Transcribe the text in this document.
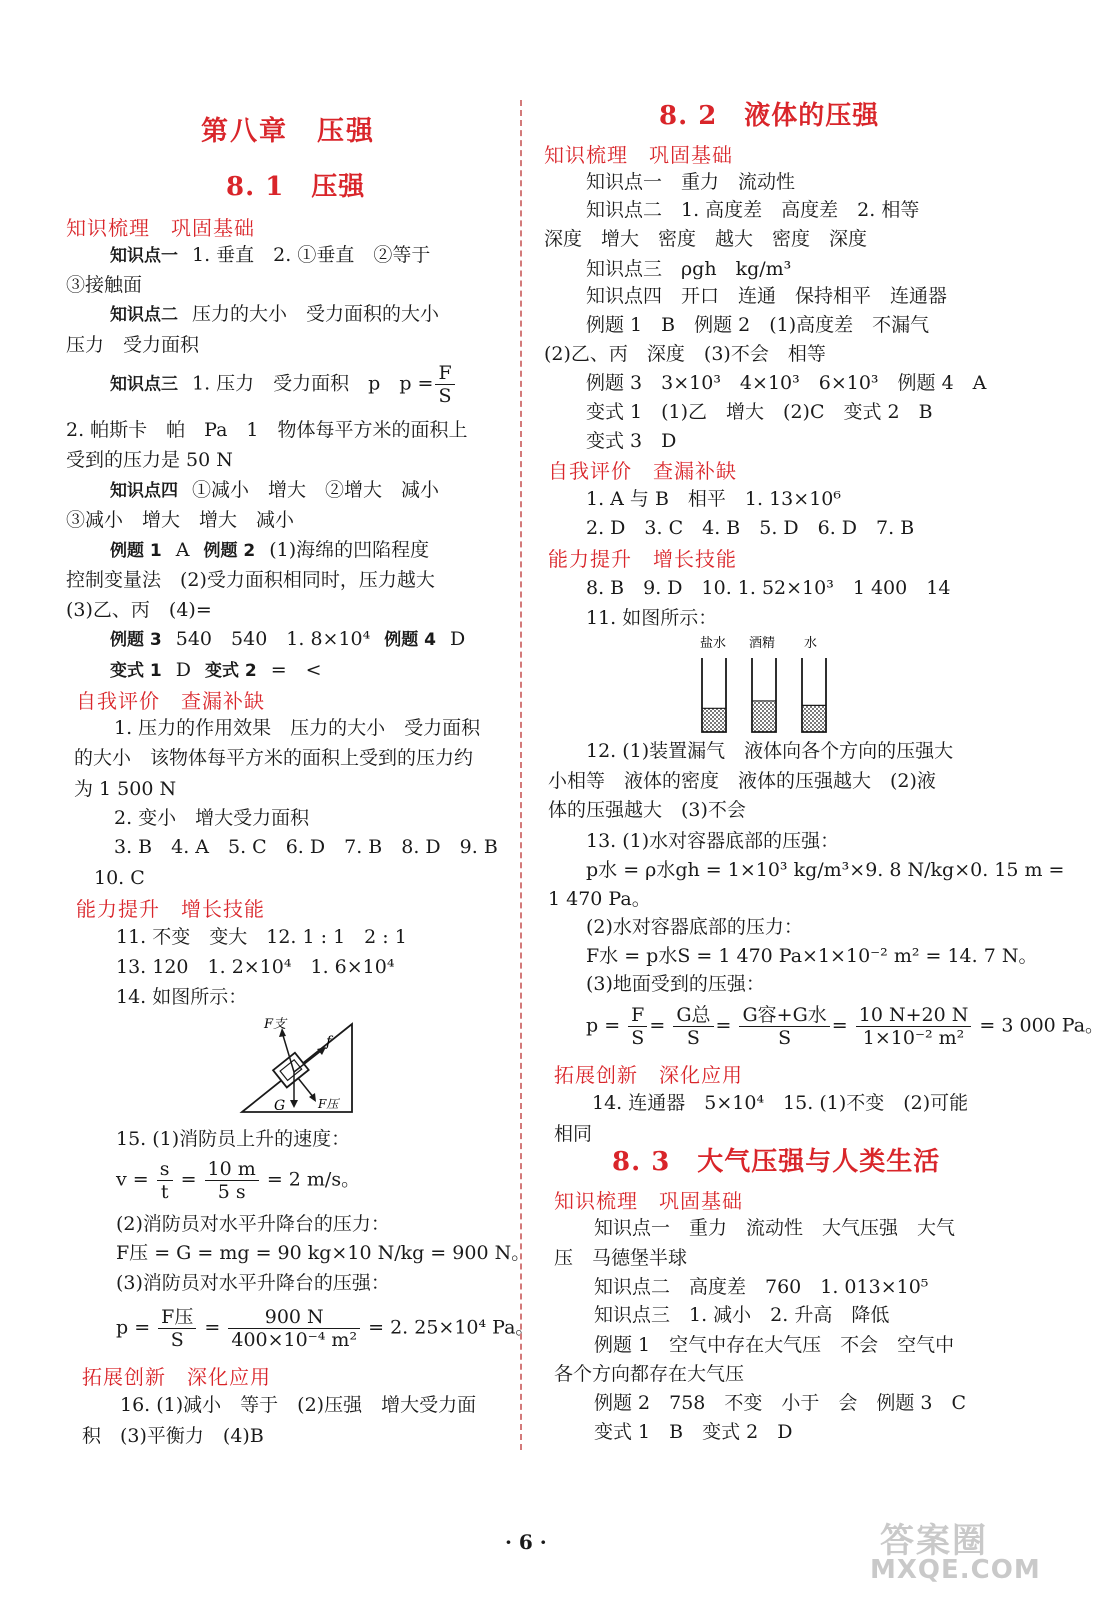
第八章　压强
8. 1　压强
知识梳理　巩固基础
知识点一 1. 垂直　2. ①垂直　②等于
③接触面
知识点二 压力的大小　受力面积的大小
压力　受力面积
知识点三 1. 压力　受力面积　p　$p = \frac{F}{S}$
2. 帕斯卡　帕　Pa　1　物体每平方米的面积上
受到的压力是 50 N
知识点四 ①减小　增大　②增大　减小
③减小　增大　增大　减小
例题 1 A 例题 2 (1)海绵的凹陷程度
控制变量法　(2)受力面积相同时，压力越大
(3)乙、丙　(4)=
例题 3 540　540　1. 8×10⁴ 例题 4 D
变式 1 D 变式 2 =　<
自我评价　查漏补缺
1. 压力的作用效果　压力的大小　受力面积
的大小　该物体每平方米的面积上受到的压力约
为 1 500 N
2. 变小　增大受力面积
3. B　4. A　5. C　6. D　7. B　8. D　9. B
10. C
能力提升　增长技能
11. 不变　变大　12. 1 : 1　2 : 1
13. 120　1. 2×10⁴　1. 6×10⁴
14. 如图所示：
F支
f
G	F压
15. (1)消防员上升的速度：
$v = \frac{s}{t} = \frac{10 m}{5 s} = 2$ m/s。
(2)消防员对水平升降台的压力：
F压 = G = mg = 90 kg×10 N/kg = 900 N。
(3)消防员对水平升降台的压强：
$p = \frac{\text{F压}}{S} = \frac{900 N}{\text{400×10⁻⁴ m²}} = 2$. 25×10⁴ Pa。
拓展创新　深化应用
16. (1)减小　等于　(2)压强　增大受力面
积　(3)平衡力　(4)B
8. 2　液体的压强
知识梳理　巩固基础
知识点一　重力　流动性
知识点二　1. 高度差　高度差　2. 相等
深度　增大　密度　越大　密度　深度
知识点三　ρgh　kg/m³
知识点四　开口　连通　保持相平　连通器
例题 1　B　例题 2　(1)高度差　不漏气
(2)乙、丙　深度　(3)不会　相等
例题 3　3×10³　4×10³　6×10³　例题 4　A
变式 1　(1)乙　增大　(2)C　变式 2　B
变式 3　D
自我评价　查漏补缺
1. A 与 B　相平　1. 13×10⁶
2. D　3. C　4. B　5. D　6. D　7. B
能力提升　增长技能
8. B　9. D　10. 1. 52×10³　1 400　14
11. 如图所示：
盐水 酒精 水
12. (1)装置漏气　液体向各个方向的压强大
小相等　液体的密度　液体的压强越大　(2)液
体的压强越大　(3)不会
13. (1)水对容器底部的压强：
p水 = ρ水gh = 1×10³ kg/m³×9. 8 N/kg×0. 15 m =
1 470 Pa。
(2)水对容器底部的压力：
F水 = p水S = 1 470 Pa×1×10⁻² m² = 14. 7 N。
(3)地面受到的压强：
$p = \frac{F}{S} = \frac{\text{G总}}{S} = \frac{\text{G容+G水}}{S} = \frac{10 N+20 N}{\text{1×10⁻² m²}} = 3$ 000 Pa。
拓展创新　深化应用
14. 连通器　5×10⁴　15. (1)不变　(2)可能
相同
8. 3　大气压强与人类生活
知识梳理　巩固基础
知识点一　重力　流动性　大气压强　大气
压　马德堡半球
知识点二　高度差　760　1. 013×10⁵
知识点三　1. 减小　2. 升高　降低
例题 1　空气中存在大气压　不会　空气中
各个方向都存在大气压
例题 2　758　不变　小于　会　例题 3　C
变式 1　B　变式 2　D
· 6 ·	答案圈
MXQE.COM
